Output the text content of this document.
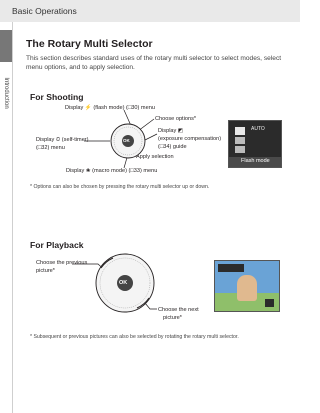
Basic Operations
Introduction
The Rotary Multi Selector
This section describes standard uses of the rotary multi selector to select modes, select menu options, and to apply selection.
For Shooting
Display ⚡ (flash mode) (□30) menu
Choose options*
Display ⏲ (self-timer)
(□32) menu
Display ◩
(exposure compensation)
(□34) guide
Apply selection
Display ❀ (macro mode) (□33) menu
OK
AUTO
Flash mode
* Options can also be chosen by pressing the rotary multi selector up or down.
For Playback
Choose the previous
picture*
Choose the next
picture*
OK
* Subsequent or previous pictures can also be selected by rotating the rotary multi selector.
